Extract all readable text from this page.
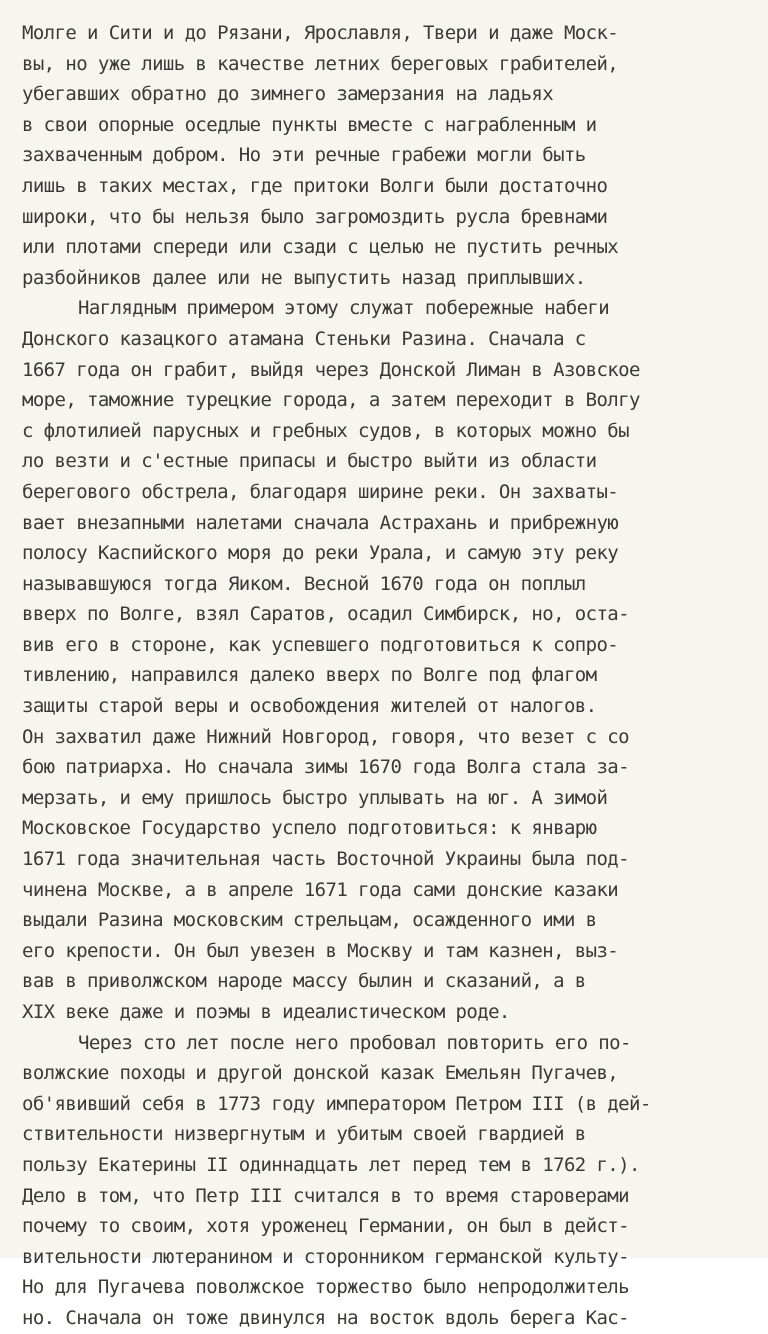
Молге и Сити и до Рязани, Ярославля, Твери и даже Моск-
вы, но уже лишь в качестве летних береговых грабителей,
убегавших обратно до зимнего замерзания на ладьях
в свои опорные оседлые пункты вместе с награбленным и
захваченным добром. Но эти речные грабежи могли быть
лишь в таких местах, где притоки Волги были достаточно
широки, что бы нельзя было загромоздить русла бревнами
или плотами спереди или сзади с целью не пустить речных
разбойников далее или не выпустить назад приплывших.
Наглядным примером этому служат побережные набеги
Донского казацкого атамана Стеньки Разина. Сначала с
1667 года он грабит, выйдя через Донской Лиман в Азовское
море, таможние турецкие города, а затем переходит в Волгу
с флотилией парусных и гребных судов, в которых можно бы
ло везти и с'естные припасы и быстро выйти из области
берегового обстрела, благодаря ширине реки. Он захваты-
вает внезапными налетами сначала Астрахань и прибрежную
полосу Каспийского моря до реки Урала, и самую эту реку
называвшуюся тогда Яиком. Весной 1670 года он поплыл
вверх по Волге, взял Саратов, осадил Симбирск, но, оста-
вив его в стороне, как успевшего подготовиться к сопро-
тивлению, направился далеко вверх по Волге под флагом
защиты старой веры и освобождения жителей от налогов.
Он захватил даже Нижний Новгород, говоря, что везет с со
бою патриарха. Но сначала зимы 1670 года Волга стала за-
мерзать, и ему пришлось быстро уплывать на юг. А зимой
Московское Государство успело подготовиться: к январю
1671 года значительная часть Восточной Украины была под-
чинена Москве, а в апреле 1671 года сами донские казаки
выдали Разина московским стрельцам, осажденного ими в
его крепости. Он был увезен в Москву и там казнен, выз-
вав в приволжском народе массу былин и сказаний, а в
XIX веке даже и поэмы в идеалистическом роде.
Через сто лет после него пробовал повторить его по-
волжские походы и другой донской казак Емельян Пугачев,
об'явивший себя в 1773 году императором Петром III (в дей-
ствительности низвергнутым и убитым своей гвардией в
пользу Екатерины II одиннадцать лет перед тем в 1762 г.).
Дело в том, что Петр III считался в то время староверами
почему то своим, хотя уроженец Германии, он был в дейст-
вительности лютеранином и сторонником германской культу-
Но для Пугачева поволжское торжество было непродолжитель
но. Сначала он тоже двинулся на восток вдоль берега Кас-
